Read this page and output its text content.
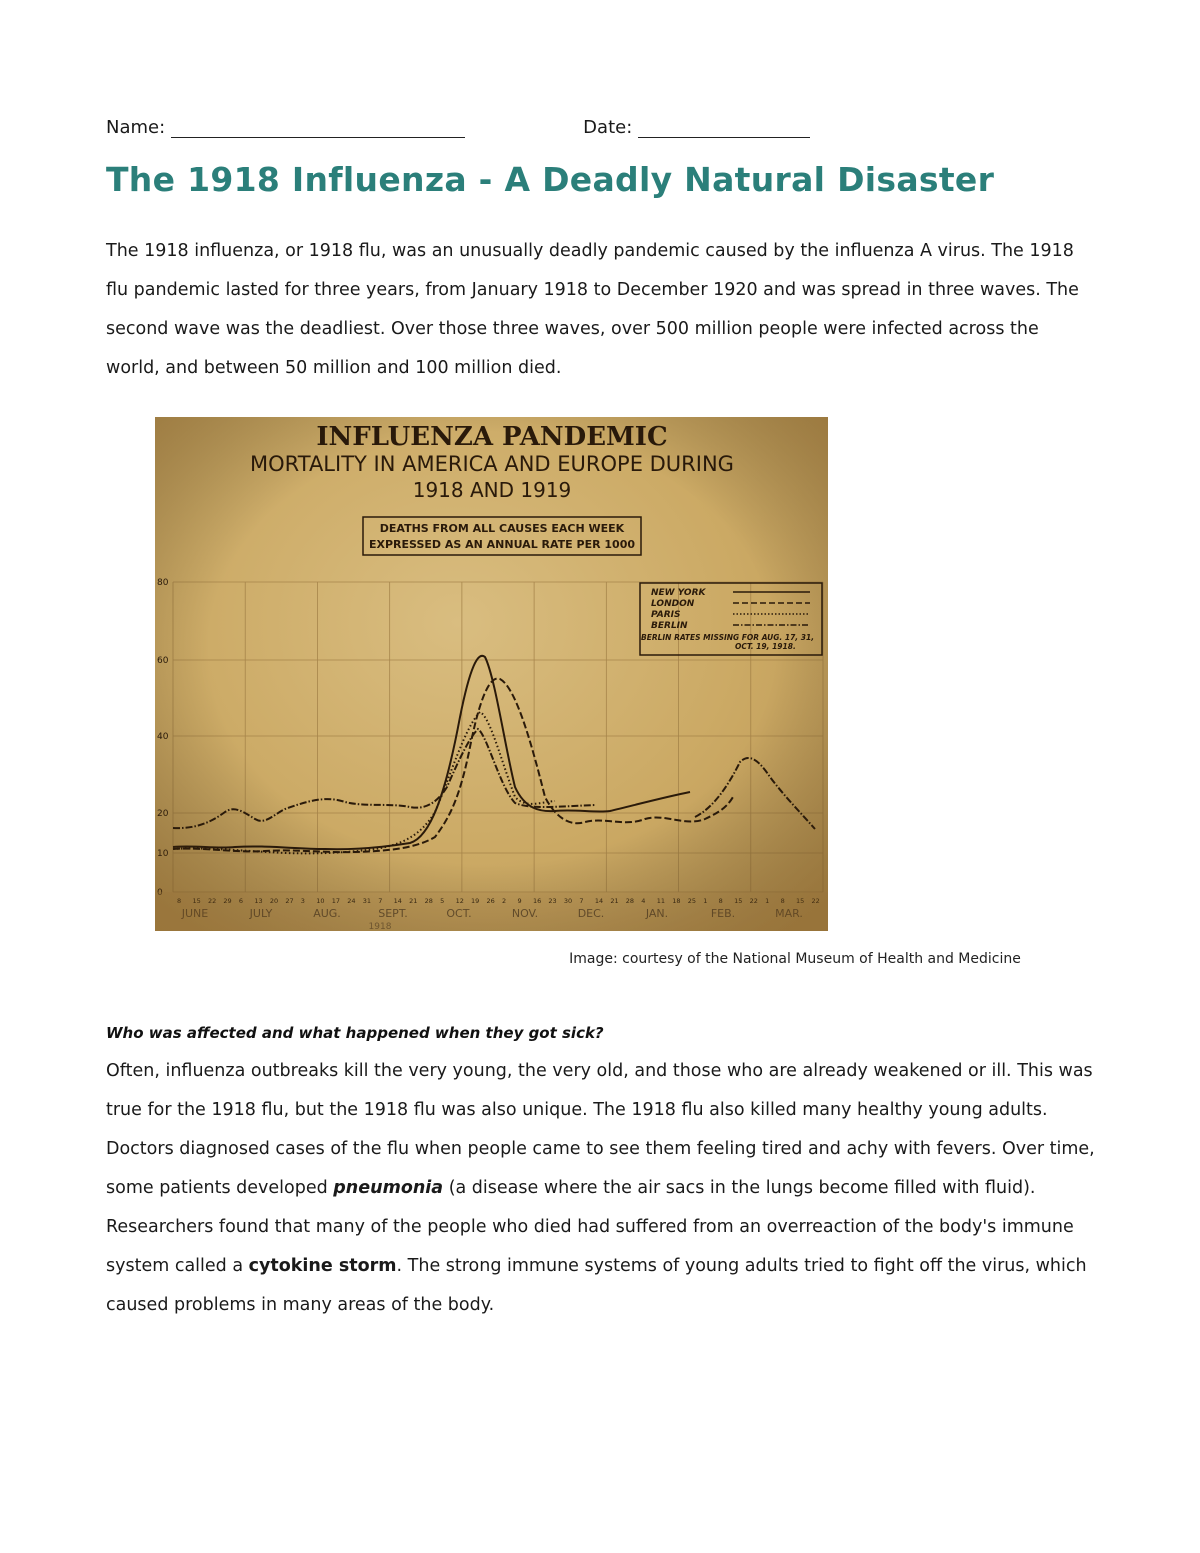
Name:	Date:
The 1918 Influenza - A Deadly Natural Disaster

The 1918 influenza, or 1918 flu, was an unusually deadly pandemic caused by the influenza A virus. The 1918 flu pandemic lasted for three years, from January 1918 to December 1920 and was spread in three waves. The second wave was the deadliest. Over those three waves, over 500 million people were infected across the world, and between 50 million and 100 million died.

Image: courtesy of the National Museum of Health and Medicine
Who was affected and what happened when they got sick?

Often, influenza outbreaks kill the very young, the very old, and those who are already weakened or ill. This was true for the 1918 flu, but the 1918 flu was also unique. The 1918 flu also killed many healthy young adults. Doctors diagnosed cases of the flu when people came to see them feeling tired and achy with fevers. Over time, some patients developed pneumonia (a disease where the air sacs in the lungs become filled with fluid). Researchers found that many of the people who died had suffered from an overreaction of the body's immune system called a cytokine storm. The strong immune systems of young adults tried to fight off the virus, which caused problems in many areas of the body.
